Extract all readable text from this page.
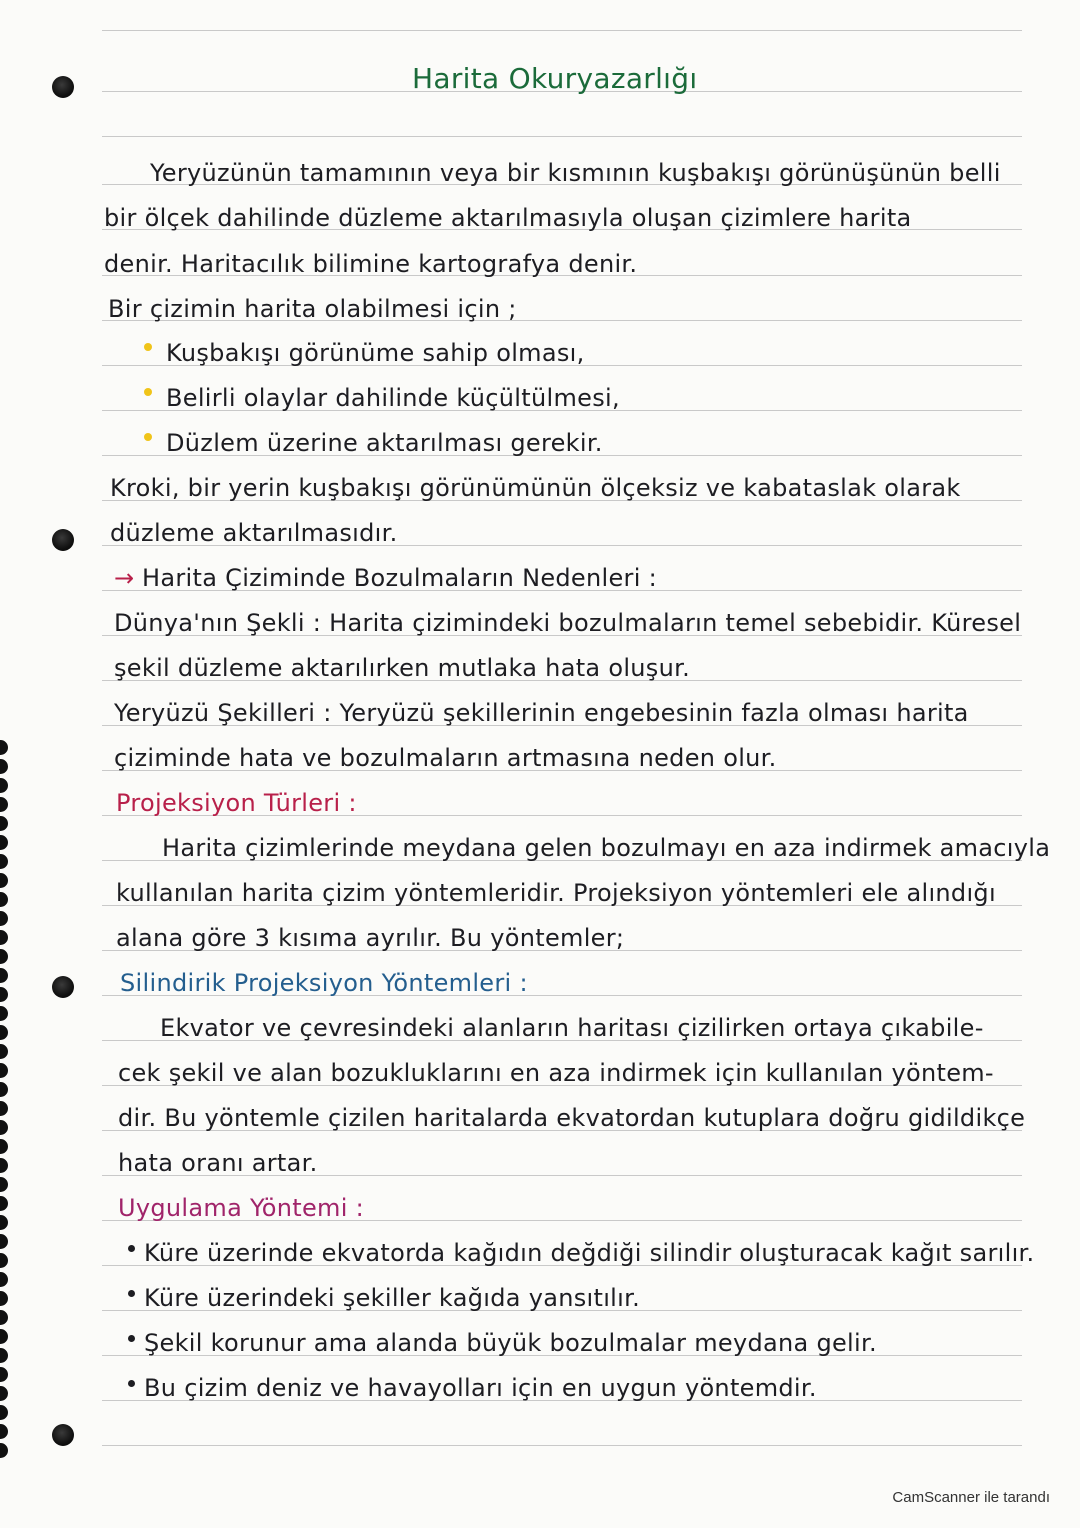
Harita Okuryazarlığı
Yeryüzünün tamamının veya bir kısmının kuşbakışı görünüşünün belli
bir ölçek dahilinde düzleme aktarılmasıyla oluşan çizimlere harita
denir. Haritacılık bilimine kartografya denir.
Bir çizimin harita olabilmesi için ;
Kuşbakışı görünüme sahip olması,
Belirli olaylar dahilinde küçültülmesi,
Düzlem üzerine aktarılması gerekir.
Kroki, bir yerin kuşbakışı görünümünün ölçeksiz ve kabataslak olarak
düzleme aktarılmasıdır.
→ Harita Çiziminde Bozulmaların Nedenleri :
Dünya'nın Şekli : Harita çizimindeki bozulmaların temel sebebidir. Küresel
şekil düzleme aktarılırken mutlaka hata oluşur.
Yeryüzü Şekilleri : Yeryüzü şekillerinin engebesinin fazla olması harita
çiziminde hata ve bozulmaların artmasına neden olur.
Projeksiyon Türleri :
Harita çizimlerinde meydana gelen bozulmayı en aza indirmek amacıyla
kullanılan harita çizim yöntemleridir. Projeksiyon yöntemleri ele alındığı
alana göre 3 kısıma ayrılır. Bu yöntemler;
Silindirik Projeksiyon Yöntemleri :
Ekvator ve çevresindeki alanların haritası çizilirken ortaya çıkabile-
cek şekil ve alan bozukluklarını en aza indirmek için kullanılan yöntem-
dir. Bu yöntemle çizilen haritalarda ekvatordan kutuplara doğru gidildikçe
hata oranı artar.
Uygulama Yöntemi :
Küre üzerinde ekvatorda kağıdın değdiği silindir oluşturacak kağıt sarılır.
Küre üzerindeki şekiller kağıda yansıtılır.
Şekil korunur ama alanda büyük bozulmalar meydana gelir.
Bu çizim deniz ve havayolları için en uygun yöntemdir.
CamScanner ile tarandı
